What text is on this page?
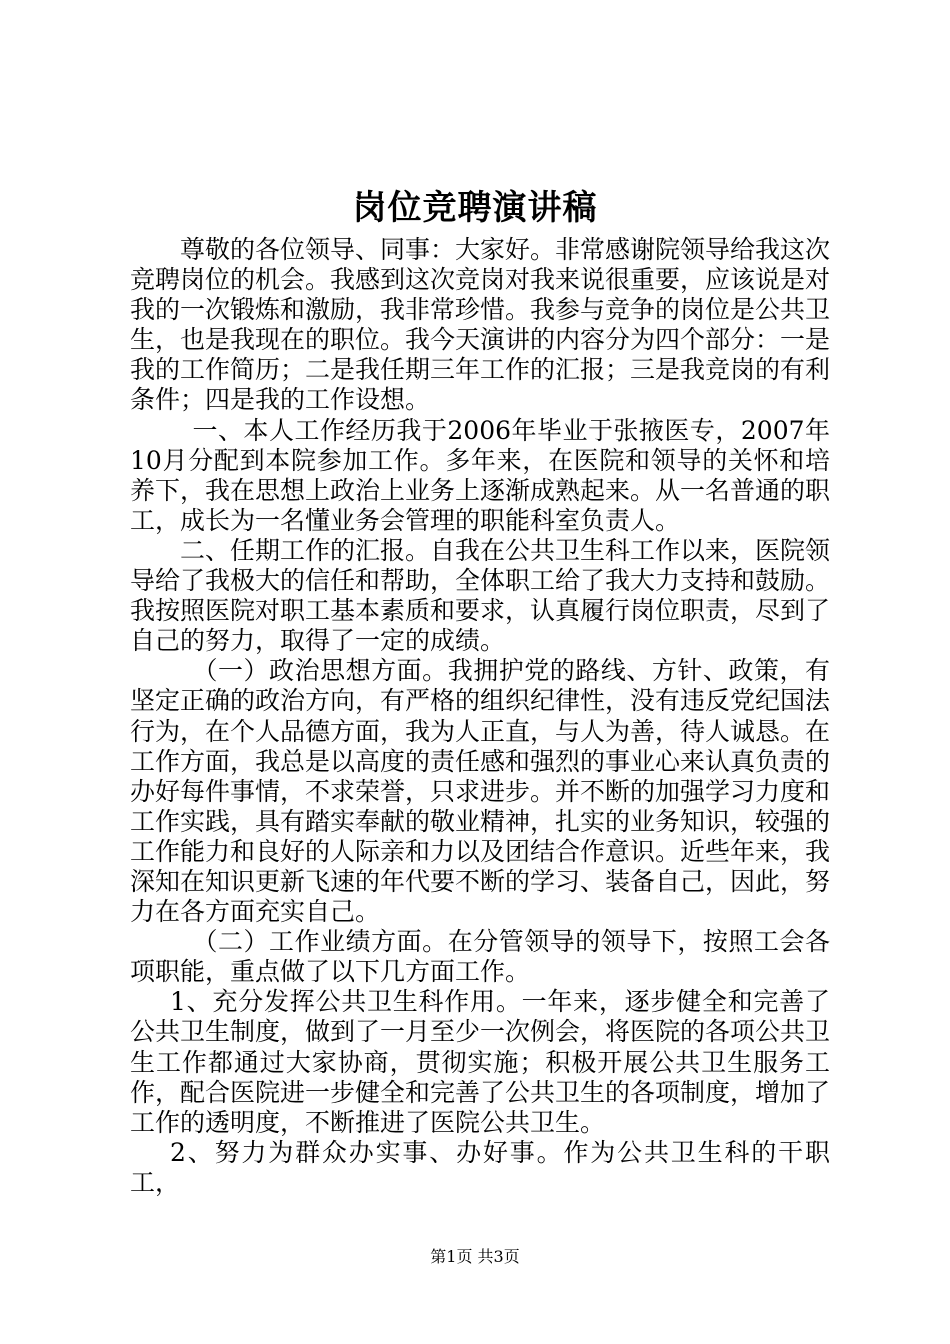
岗位竞聘演讲稿

尊敬的各位领导、同事：大家好。非常感谢院领导给我这次竞聘岗位的机会。我感到这次竞岗对我来说很重要，应该说是对我的一次锻炼和激励，我非常珍惜。我参与竞争的岗位是公共卫生，也是我现在的职位。我今天演讲的内容分为四个部分：一是我的工作简历；二是我任期三年工作的汇报；三是我竞岗的有利条件；四是我的工作设想。

一、本人工作经历我于2006年毕业于张掖医专，2007年10月分配到本院参加工作。多年来，在医院和领导的关怀和培养下，我在思想上政治上业务上逐渐成熟起来。从一名普通的职工，成长为一名懂业务会管理的职能科室负责人。

二、任期工作的汇报。自我在公共卫生科工作以来，医院领导给了我极大的信任和帮助，全体职工给了我大力支持和鼓励。我按照医院对职工基本素质和要求，认真履行岗位职责，尽到了自己的努力，取得了一定的成绩。

（一）政治思想方面。我拥护党的路线、方针、政策，有坚定正确的政治方向，有严格的组织纪律性，没有违反党纪国法行为，在个人品德方面，我为人正直，与人为善，待人诚恳。在工作方面，我总是以高度的责任感和强烈的事业心来认真负责的办好每件事情，不求荣誉，只求进步。并不断的加强学习力度和工作实践，具有踏实奉献的敬业精神，扎实的业务知识，较强的工作能力和良好的人际亲和力以及团结合作意识。近些年来，我深知在知识更新飞速的年代要不断的学习、装备自己，因此，努力在各方面充实自己。

（二）工作业绩方面。在分管领导的领导下，按照工会各项职能，重点做了以下几方面工作。

1、充分发挥公共卫生科作用。一年来，逐步健全和完善了公共卫生制度，做到了一月至少一次例会，将医院的各项公共卫生工作都通过大家协商，贯彻实施；积极开展公共卫生服务工作，配合医院进一步健全和完善了公共卫生的各项制度，增加了工作的透明度，不断推进了医院公共卫生。

2、努力为群众办实事、办好事。作为公共卫生科的干职工，

第1页 共3页
